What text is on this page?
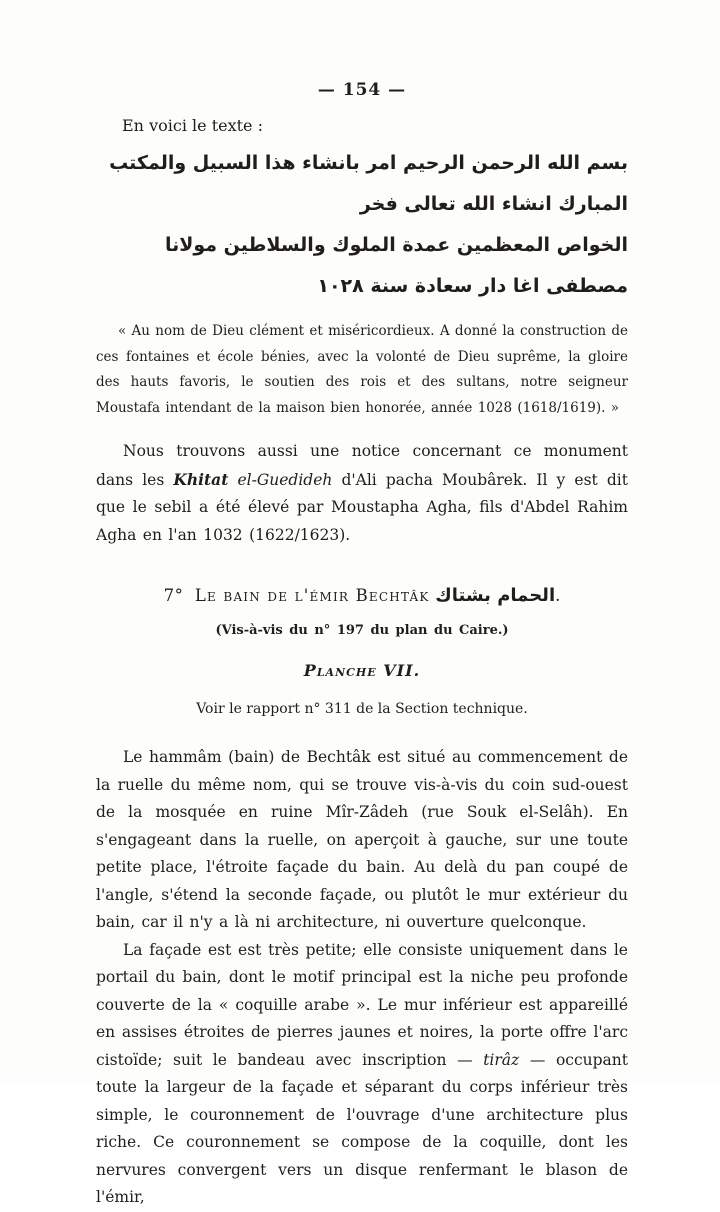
— 154 —

En voici le texte :

بسم الله الرحمن الرحيم امر بانشاء هذا السبيل والمكتب المبارك انشاء الله تعالى فخر
الخواص المعظمين عمدة الملوك والسلاطين مولانا مصطفى اغا دار سعادة سنة ١٠٢٨

« Au nom de Dieu clément et miséricordieux. A donné la construction de ces fontaines et école bénies, avec la volonté de Dieu suprême, la gloire des hauts favoris, le soutien des rois et des sultans, notre seigneur Moustafa intendant de la maison bien honorée, année 1028 (1618/1619). »

Nous trouvons aussi une notice concernant ce monument dans les Khitat el-Guedideh d'Ali pacha Moubârek. Il y est dit que le sebil a été élevé par Moustapha Agha, fils d'Abdel Rahim Agha en l'an 1032 (1622/1623).

7° Le bain de l'émir Bechtâk الحمام بشتاك.
(Vis-à-vis du n° 197 du plan du Caire.)
Planche VII.
Voir le rapport n° 311 de la Section technique.

Le hammâm (bain) de Bechtâk est situé au commencement de la ruelle du même nom, qui se trouve vis-à-vis du coin sud-ouest de la mosquée en ruine Mîr-Zâdeh (rue Souk el-Selâh). En s'engageant dans la ruelle, on aperçoit à gauche, sur une toute petite place, l'étroite façade du bain. Au delà du pan coupé de l'angle, s'étend la seconde façade, ou plutôt le mur extérieur du bain, car il n'y a là ni architecture, ni ouverture quelconque.

La façade est est très petite; elle consiste uniquement dans le portail du bain, dont le motif principal est la niche peu profonde couverte de la « coquille arabe ». Le mur inférieur est appareillé en assises étroites de pierres jaunes et noires, la porte offre l'arc cistoïde; suit le bandeau avec inscription — tirâz — occupant toute la largeur de la façade et séparant du corps inférieur très simple, le couronnement de l'ouvrage d'une architecture plus riche. Ce couronnement se compose de la coquille, dont les nervures convergent vers un disque renfermant le blason de l'émir,
